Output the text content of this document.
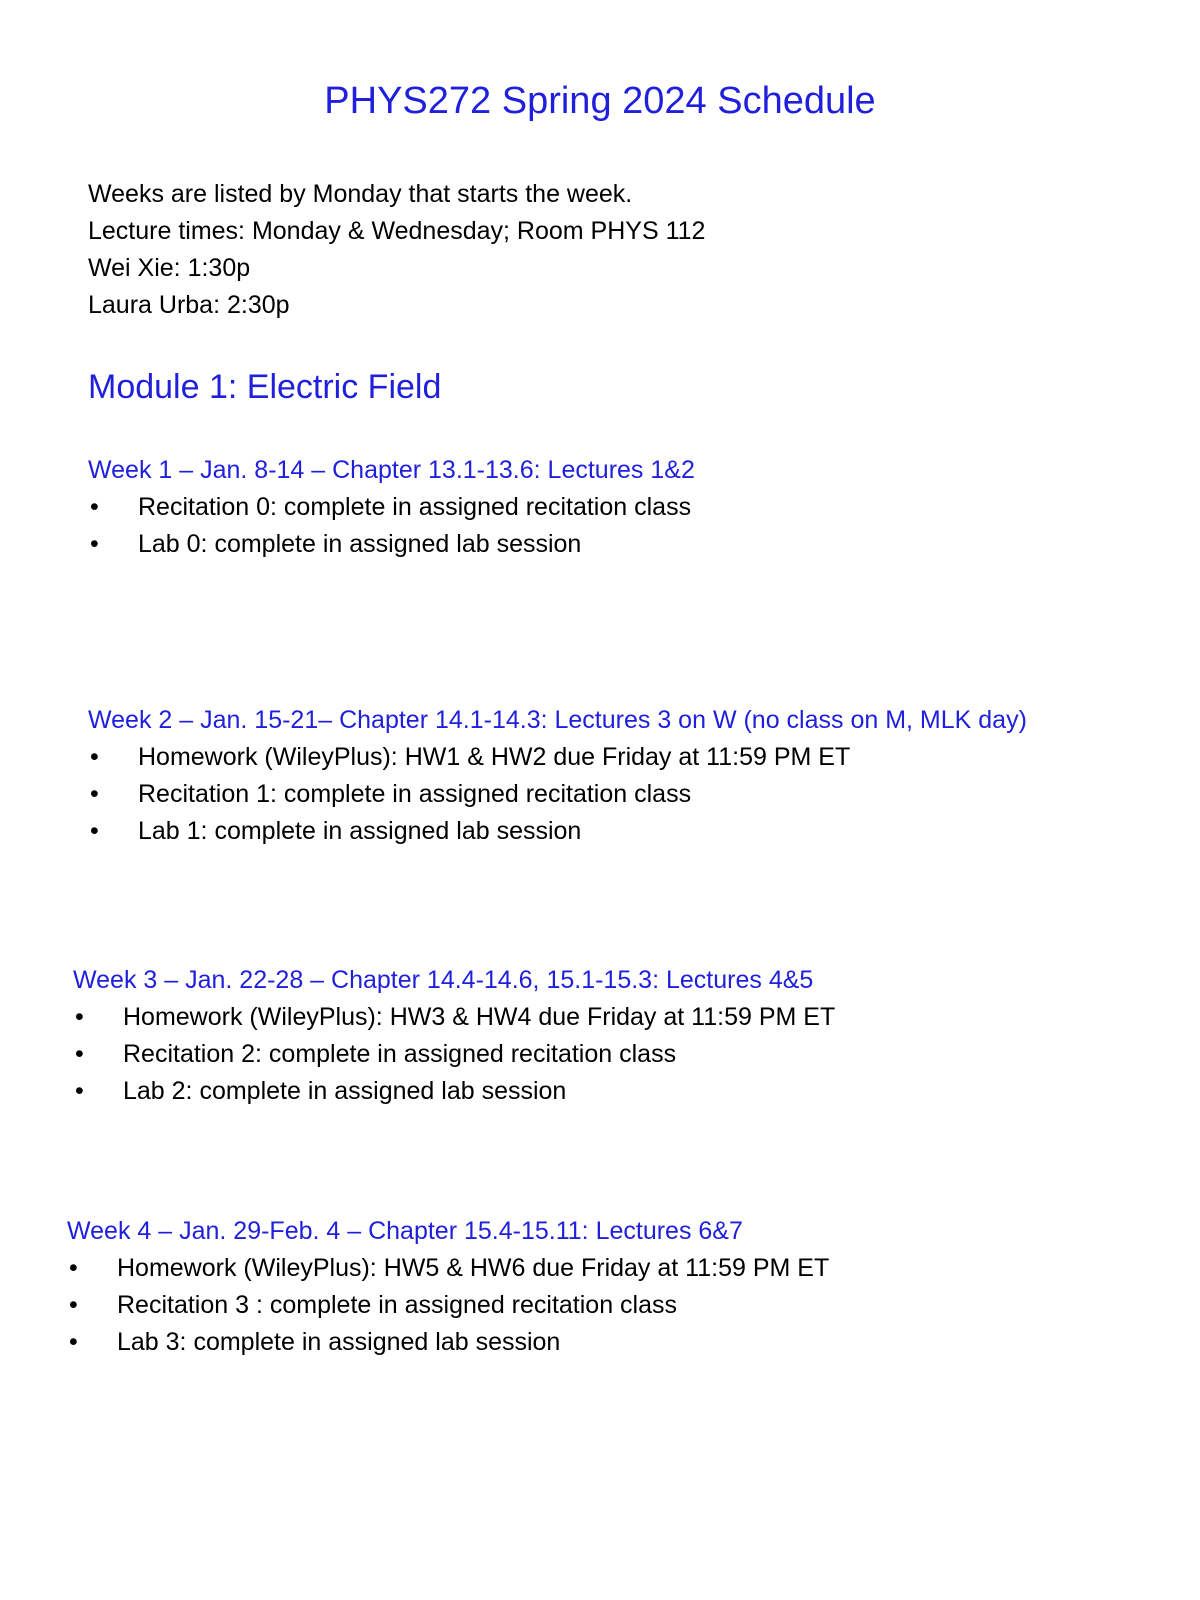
PHYS272 Spring 2024 Schedule
Weeks are listed by Monday that starts the week.
Lecture times: Monday & Wednesday; Room PHYS 112
Wei Xie: 1:30p
Laura Urba: 2:30p
Module 1: Electric Field
Week 1 – Jan. 8-14 – Chapter 13.1-13.6: Lectures 1&2
• Recitation 0: complete in assigned recitation class
• Lab 0: complete in assigned lab session
Week 2 – Jan. 15-21– Chapter 14.1-14.3: Lectures 3 on W (no class on M, MLK day)
• Homework (WileyPlus): HW1 & HW2 due Friday at 11:59 PM ET
• Recitation 1: complete in assigned recitation class
• Lab 1: complete in assigned lab session
Week 3 – Jan. 22-28 – Chapter 14.4-14.6, 15.1-15.3: Lectures 4&5
• Homework (WileyPlus): HW3 & HW4 due Friday at 11:59 PM ET
• Recitation 2: complete in assigned recitation class
• Lab 2: complete in assigned lab session
Week 4 – Jan. 29-Feb. 4 – Chapter 15.4-15.11: Lectures 6&7
• Homework (WileyPlus): HW5 & HW6 due Friday at 11:59 PM ET
• Recitation 3 : complete in assigned recitation class
• Lab 3: complete in assigned lab session
